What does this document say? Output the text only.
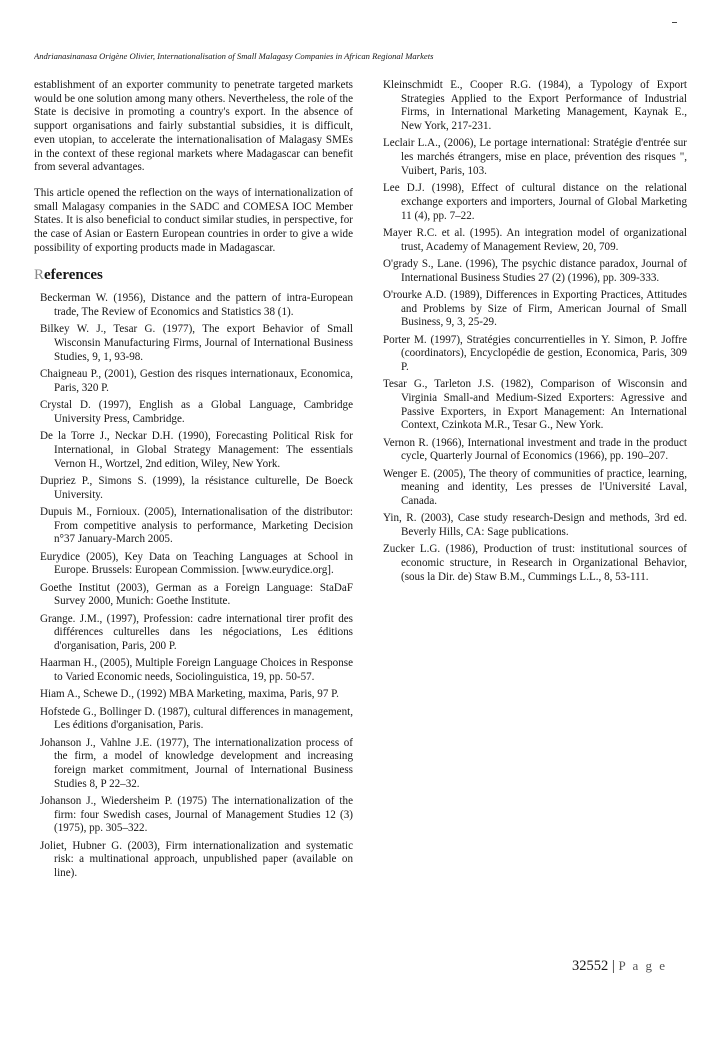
Andrianasinanasa Origène Olivier, Internationalisation of Small Malagasy Companies in African Regional Markets

establishment of an exporter community to penetrate targeted markets would be one solution among many others. Nevertheless, the role of the State is decisive in promoting a country's export. In the absence of support organisations and fairly substantial subsidies, it is difficult, even utopian, to accelerate the internationalisation of Malagasy SMEs in the context of these regional markets where Madagascar can benefit from several advantages.

This article opened the reflection on the ways of internationalization of small Malagasy companies in the SADC and COMESA IOC Member States. It is also beneficial to conduct similar studies, in perspective, for the case of Asian or Eastern European countries in order to give a wide possibility of exporting products made in Madagascar.

References
Beckerman W. (1956), Distance and the pattern of intra-European trade, The Review of Economics and Statistics 38 (1).
Bilkey W. J., Tesar G. (1977), The export Behavior of Small Wisconsin Manufacturing Firms, Journal of International Business Studies, 9, 1, 93-98.
Chaigneau P., (2001), Gestion des risques internationaux, Economica, Paris, 320 P.
Crystal D. (1997), English as a Global Language, Cambridge University Press, Cambridge.
De la Torre J., Neckar D.H. (1990), Forecasting Political Risk for International, in Global Strategy Management: The essentials Vernon H., Wortzel, 2nd edition, Wiley, New York.
Dupriez P., Simons S. (1999), la résistance culturelle, De Boeck University.
Dupuis M., Fornioux. (2005), Internationalisation of the distributor: From competitive analysis to performance, Marketing Decision n°37 January-March 2005.
Eurydice (2005), Key Data on Teaching Languages at School in Europe. Brussels: European Commission. [www.eurydice.org].
Goethe Institut (2003), German as a Foreign Language: StaDaF Survey 2000, Munich: Goethe Institute.
Grange. J.M., (1997), Profession: cadre international tirer profit des différences culturelles dans les négociations, Les éditions d'organisation, Paris, 200 P.
Haarman H., (2005), Multiple Foreign Language Choices in Response to Varied Economic needs, Sociolinguistica, 19, pp. 50-57.
Hiam A., Schewe D., (1992) MBA Marketing, maxima, Paris, 97 P.
Hofstede G., Bollinger D. (1987), cultural differences in management, Les éditions d'organisation, Paris.
Johanson J., Vahlne J.E. (1977), The internationalization process of the firm, a model of knowledge development and increasing foreign market commitment, Journal of International Business Studies 8, P 22–32.
Johanson J., Wiedersheim P. (1975) The internationalization of the firm: four Swedish cases, Journal of Management Studies 12 (3) (1975), pp. 305–322.
Joliet, Hubner G. (2003), Firm internationalization and systematic risk: a multinational approach, unpublished paper (available on line).
Kleinschmidt E., Cooper R.G. (1984), a Typology of Export Strategies Applied to the Export Performance of Industrial Firms, in International Marketing Management, Kaynak E., New York, 217-231.
Leclair L.A., (2006), Le portage international: Stratégie d'entrée sur les marchés étrangers, mise en place, prévention des risques ", Vuibert, Paris, 103.
Lee D.J. (1998), Effect of cultural distance on the relational exchange exporters and importers, Journal of Global Marketing 11 (4), pp. 7–22.
Mayer R.C. et al. (1995). An integration model of organizational trust, Academy of Management Review, 20, 709.
O'grady S., Lane. (1996), The psychic distance paradox, Journal of International Business Studies 27 (2) (1996), pp. 309-333.
O'rourke A.D. (1989), Differences in Exporting Practices, Attitudes and Problems by Size of Firm, American Journal of Small Business, 9, 3, 25-29.
Porter M. (1997), Stratégies concurrentielles in Y. Simon, P. Joffre (coordinators), Encyclopédie de gestion, Economica, Paris, 309 P.
Tesar G., Tarleton J.S. (1982), Comparison of Wisconsin and Virginia Small-and Medium-Sized Exporters: Agressive and Passive Exporters, in Export Management: An International Context, Czinkota M.R., Tesar G., New York.
Vernon R. (1966), International investment and trade in the product cycle, Quarterly Journal of Economics (1966), pp. 190–207.
Wenger E. (2005), The theory of communities of practice, learning, meaning and identity, Les presses de l'Université Laval, Canada.
Yin, R. (2003), Case study research-Design and methods, 3rd ed. Beverly Hills, CA: Sage publications.
Zucker L.G. (1986), Production of trust: institutional sources of economic structure, in Research in Organizational Behavior, (sous la Dir. de) Staw B.M., Cummings L.L., 8, 53-111.
32552 | P a g e
